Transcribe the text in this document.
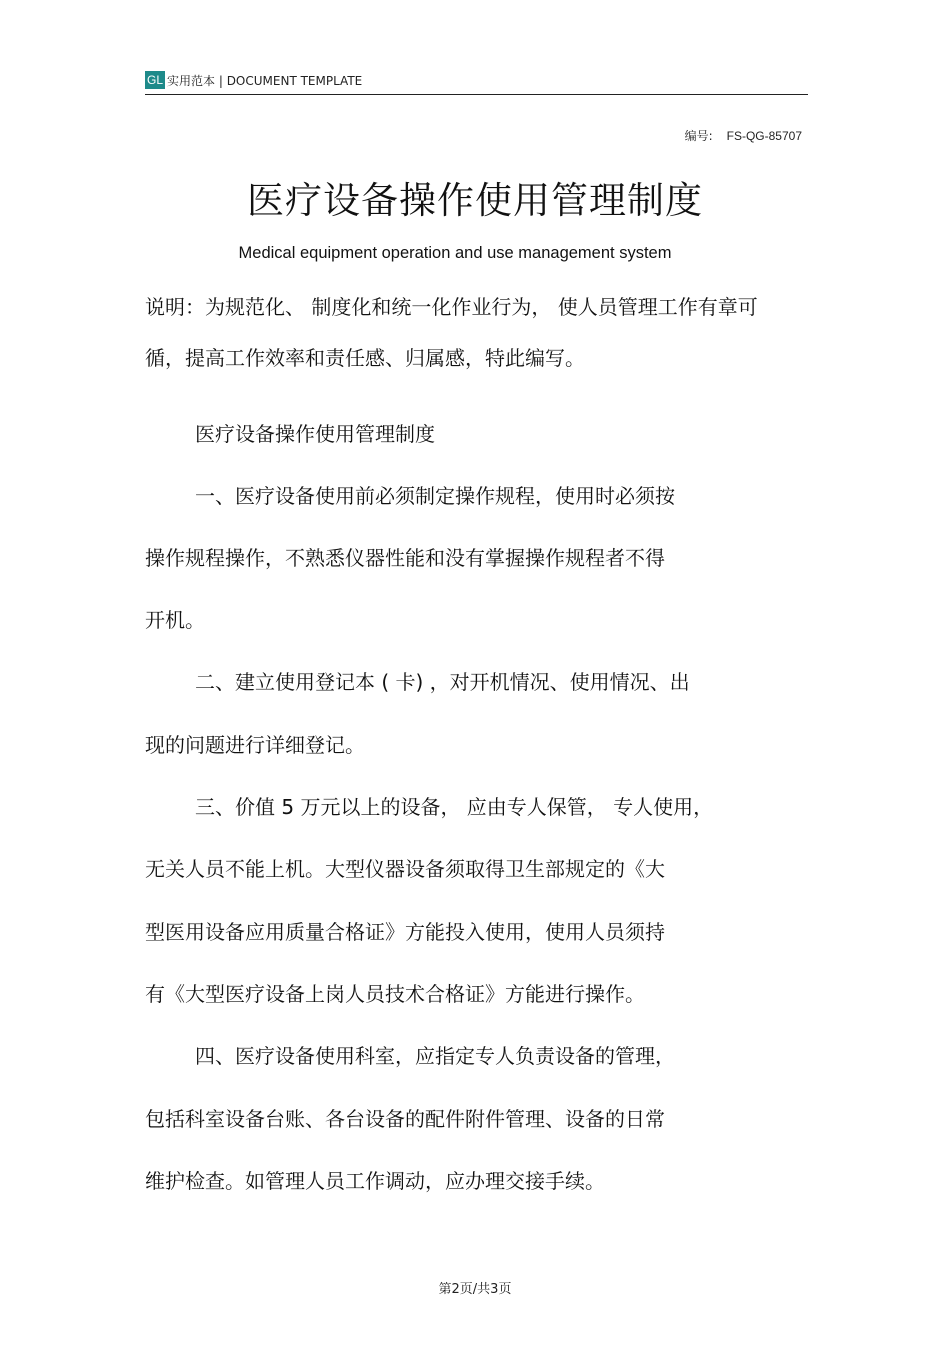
GL 实用范本 | DOCUMENT TEMPLATE
编号: FS-QG-85707
医疗设备操作使用管理制度
Medical equipment operation and use management system
说明：为规范化、 制度化和统一化作业行为， 使人员管理工作有章可
循，提高工作效率和责任感、归属感，特此编写。
医疗设备操作使用管理制度
一、医疗设备使用前必须制定操作规程，使用时必须按
操作规程操作，不熟悉仪器性能和没有掌握操作规程者不得
开机。
二、建立使用登记本 ( 卡) ，对开机情况、使用情况、出
现的问题进行详细登记。
三、价值 5 万元以上的设备， 应由专人保管， 专人使用，
无关人员不能上机。大型仪器设备须取得卫生部规定的《大
型医用设备应用质量合格证》方能投入使用，使用人员须持
有《大型医疗设备上岗人员技术合格证》方能进行操作。
四、医疗设备使用科室，应指定专人负责设备的管理，
包括科室设备台账、各台设备的配件附件管理、设备的日常
维护检查。如管理人员工作调动，应办理交接手续。
第2页/共3页
